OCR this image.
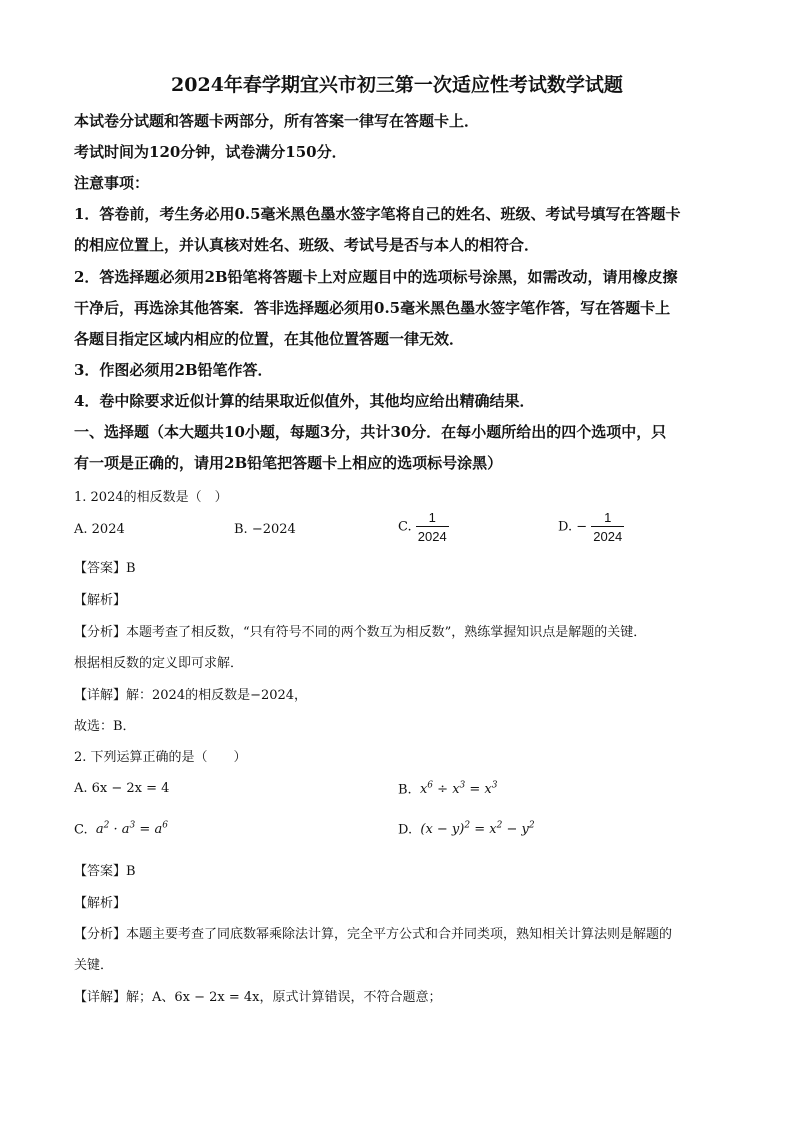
2024年春学期宜兴市初三第一次适应性考试数学试题
本试卷分试题和答题卡两部分，所有答案一律写在答题卡上．
考试时间为120分钟，试卷满分150分．
注意事项：
1．答卷前，考生务必用0.5毫米黑色墨水签字笔将自己的姓名、班级、考试号填写在答题卡
的相应位置上，并认真核对姓名、班级、考试号是否与本人的相符合．
2．答选择题必须用2B铅笔将答题卡上对应题目中的选项标号涂黑，如需改动，请用橡皮擦
干净后，再选涂其他答案．答非选择题必须用0.5毫米黑色墨水签字笔作答，写在答题卡上
各题目指定区域内相应的位置，在其他位置答题一律无效．
3．作图必须用2B铅笔作答．
4．卷中除要求近似计算的结果取近似值外，其他均应给出精确结果．
一、选择题（本大题共10小题，每题3分，共计30分．在每小题所给出的四个选项中，只
有一项是正确的，请用2B铅笔把答题卡上相应的选项标号涂黑）
1. 2024的相反数是（　）
A. 2024	B. −2024	C. $\frac{1}{2024}$	D. − $\frac{1}{2024}$
【答案】B
【解析】
【分析】本题考查了相反数，“只有符号不同的两个数互为相反数”，熟练掌握知识点是解题的关键．
根据相反数的定义即可求解．
【详解】解：2024的相反数是−2024，
故选：B．
2. 下列运算正确的是（　　）
A. 6x − 2x = 4	B.  $x^6 \div x^3 = x^3$
C.  $a^2 \cdot a^3 = a^6$	D.  $(x - y)^2 = x^2 - y^2$
【答案】B
【解析】
【分析】本题主要考查了同底数幂乘除法计算，完全平方公式和合并同类项，熟知相关计算法则是解题的
关键．
【详解】解；A、6x − 2x = 4x，原式计算错误，不符合题意；
